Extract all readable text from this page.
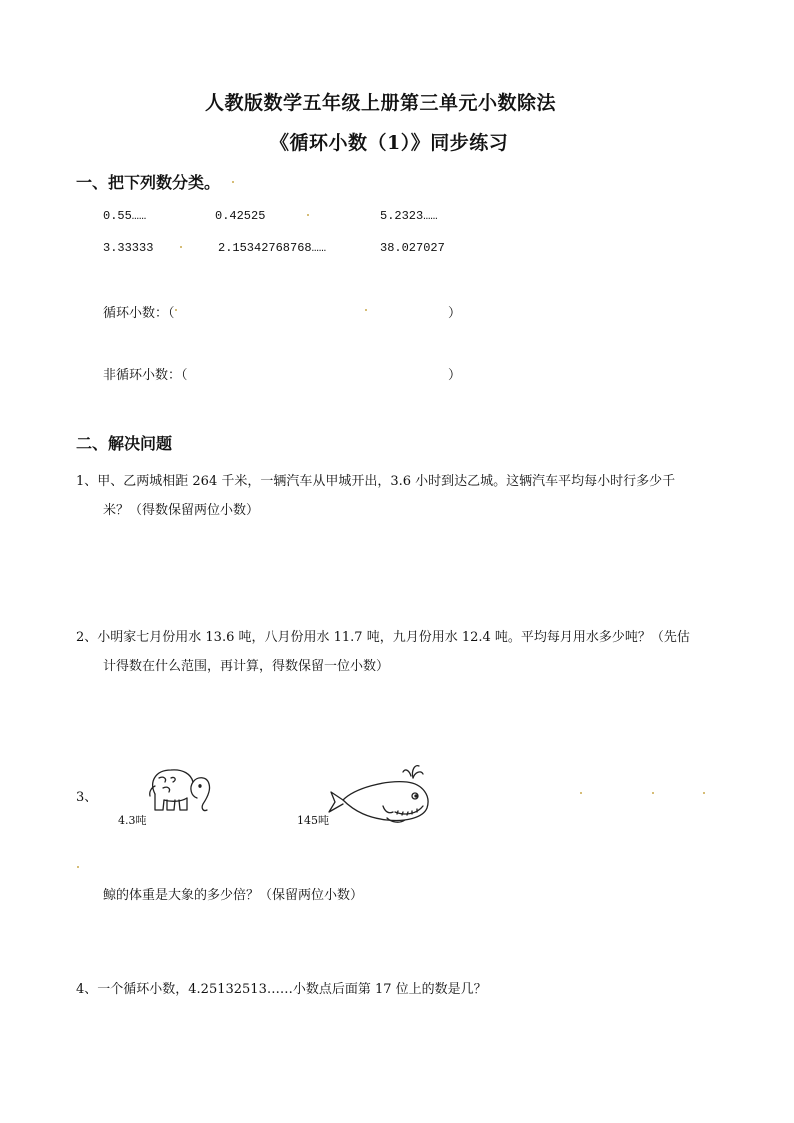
人教版数学五年级上册第三单元小数除法
《循环小数（1）》同步练习
一、把下列数分类。
0.55……	0.42525	5.2323……
3.33333	2.15342768768……	38.027027
循环小数：（	）
非循环小数：（	）
二、解决问题
1、甲、乙两城相距 264 千米，一辆汽车从甲城开出，3.6 小时到达乙城。这辆汽车平均每小时行多少千
米？（得数保留两位小数）
2、小明家七月份用水 13.6 吨，八月份用水 11.7 吨，九月份用水 12.4 吨。平均每月用水多少吨？（先估
计得数在什么范围，再计算，得数保留一位小数）
3、
4.3吨	145吨
鲸的体重是大象的多少倍？（保留两位小数）
4、一个循环小数，4.25132513……小数点后面第 17 位上的数是几？
